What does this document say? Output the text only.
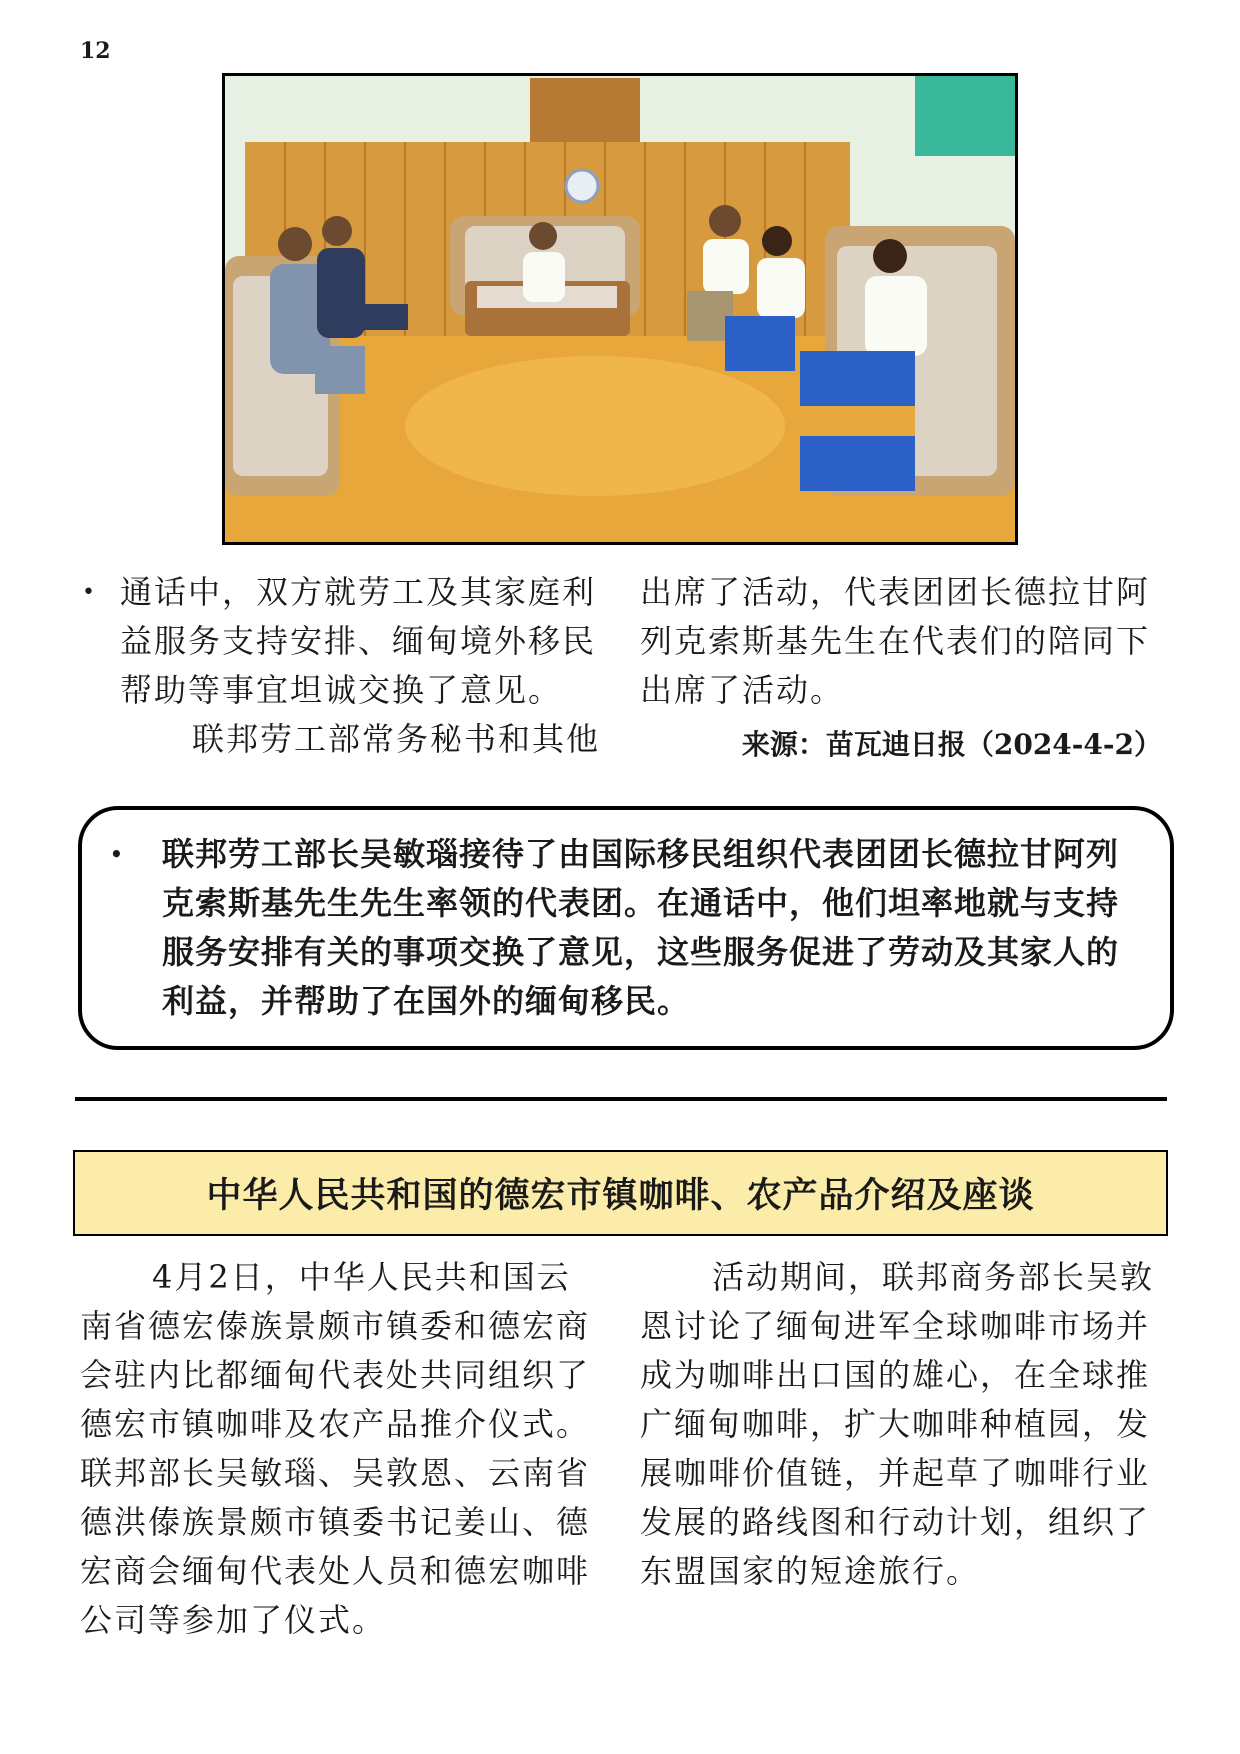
12
• 通话中，双方就劳工及其家庭利益服务支持安排、缅甸境外移民帮助等事宜坦诚交换了意见。

联邦劳工部常务秘书和其他

出席了活动，代表团团长德拉甘阿列克索斯基先生在代表们的陪同下出席了活动。

来源：苗瓦迪日报（2024-4-2）

• 联邦劳工部长吴敏瑙接待了由国际移民组织代表团团长德拉甘阿列克索斯基先生先生率领的代表团。在通话中，他们坦率地就与支持服务安排有关的事项交换了意见，这些服务促进了劳动及其家人的利益，并帮助了在国外的缅甸移民。

中华人民共和国的德宏市镇咖啡、农产品介绍及座谈

4月2日，中华人民共和国云南省德宏傣族景颇市镇委和德宏商会驻内比都缅甸代表处共同组织了德宏市镇咖啡及农产品推介仪式。联邦部长吴敏瑙、吴敦恩、云南省德洪傣族景颇市镇委书记姜山、德宏商会缅甸代表处人员和德宏咖啡公司等参加了仪式。

活动期间，联邦商务部长吴敦恩讨论了缅甸进军全球咖啡市场并成为咖啡出口国的雄心，在全球推广缅甸咖啡，扩大咖啡种植园，发展咖啡价值链，并起草了咖啡行业发展的路线图和行动计划，组织了东盟国家的短途旅行。
